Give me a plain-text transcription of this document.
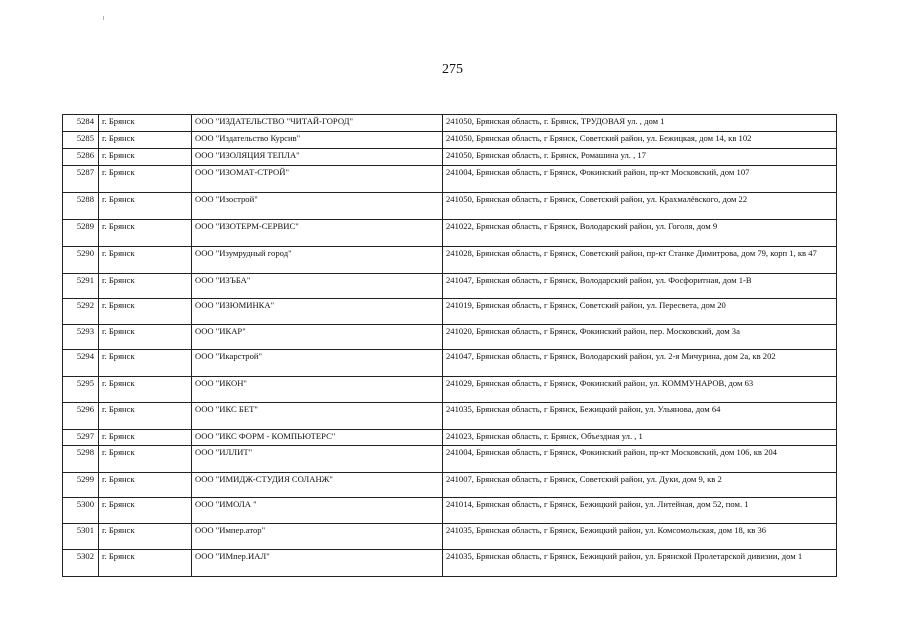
275
5284	г. Брянск	ООО "ИЗДАТЕЛЬСТВО "ЧИТАЙ-ГОРОД"	241050, Брянская область, г. Брянск, ТРУДОВАЯ ул. , дом 1
5285	г. Брянск	ООО "Издательство Курсив"	241050, Брянская область, г Брянск, Советский район, ул. Бежицкая, дом 14, кв 102
5286	г. Брянск	ООО "ИЗОЛЯЦИЯ ТЕПЛА"	241050, Брянская область, г. Брянск, Ромашина ул. , 17
5287	г. Брянск	ООО "ИЗОМАТ-СТРОЙ"	241004, Брянская область, г Брянск, Фокинский район, пр-кт Московский, дом 107
5288	г. Брянск	ООО "Изострой"	241050, Брянская область, г Брянск, Советский район, ул. Крахмалёвского, дом 22
5289	г. Брянск	ООО "ИЗОТЕРМ-СЕРВИС"	241022, Брянская область, г Брянск, Володарский район, ул. Гоголя, дом 9
5290	г. Брянск	ООО "Изумрудный город"	241028, Брянская область, г Брянск, Советский район, пр-кт Станке Димитрова, дом 79, корп 1, кв 47
5291	г. Брянск	ООО "ИЗЪБА"	241047, Брянская область, г Брянск, Володарский район, ул. Фосфоритная, дом 1-В
5292	г. Брянск	ООО "ИЗЮМИНКА"	241019, Брянская область, г Брянск, Советский район, ул. Пересвета, дом 20
5293	г. Брянск	ООО "ИКАР"	241020, Брянская область, г Брянск, Фокинский район, пер. Московский, дом 3а
5294	г. Брянск	ООО "Икарстрой"	241047, Брянская область, г Брянск, Володарский район, ул. 2-я Мичурина, дом 2а, кв 202
5295	г. Брянск	ООО "ИКОН"	241029, Брянская область, г Брянск, Фокинский район, ул. КОММУНАРОВ, дом 63
5296	г. Брянск	ООО "ИКС БЕТ"	241035, Брянская область, г Брянск, Бежицкий район, ул. Ульянова, дом 64
5297	г. Брянск	ООО "ИКС ФОРМ - КОМПЬЮТЕРС"	241023, Брянская область, г. Брянск, Объездная ул. , 1
5298	г. Брянск	ООО "ИЛЛИТ"	241004, Брянская область, г Брянск, Фокинский район, пр-кт Московский, дом 106, кв 204
5299	г. Брянск	ООО "ИМИДЖ-СТУДИЯ СОЛАНЖ"	241007, Брянская область, г Брянск, Советский район, ул. Дуки, дом 9, кв 2
5300	г. Брянск	ООО "ИМОЛА "	241014, Брянская область, г Брянск, Бежицкий район, ул. Литейная, дом 52, пом. 1
5301	г. Брянск	ООО "Импер.атор"	241035, Брянская область, г Брянск, Бежицкий район, ул. Комсомольская, дом 18, кв 36
5302	г. Брянск	ООО "ИМпер.ИАЛ"	241035, Брянская область, г Брянск, Бежицкий район, ул. Брянской Пролетарской дивизии, дом 1
